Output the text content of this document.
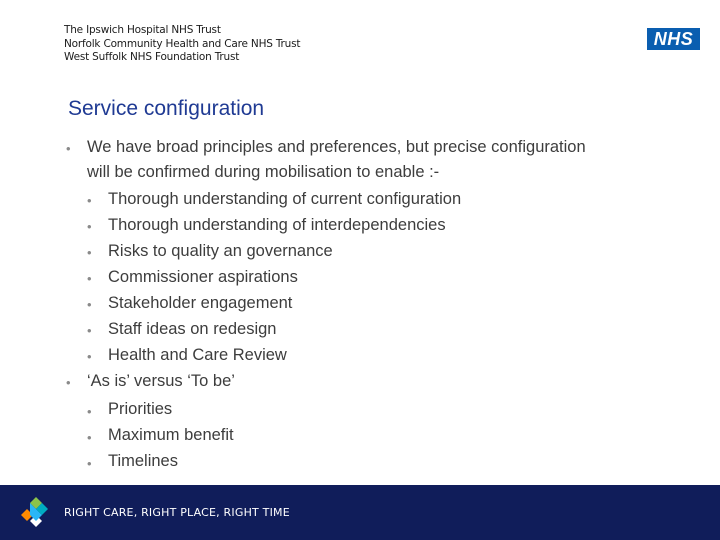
The Ipswich Hospital NHS Trust
Norfolk Community Health and Care NHS Trust
West Suffolk NHS Foundation Trust
NHS
Service configuration
• We have broad principles and preferences, but precise configuration
will be confirmed during mobilisation to enable :-
• Thorough understanding of current configuration
• Thorough understanding of interdependencies
• Risks to quality an governance
• Commissioner aspirations
• Stakeholder engagement
• Staff ideas on redesign
• Health and Care Review
• ‘As is’ versus ‘To be’
• Priorities
• Maximum benefit
• Timelines
RIGHT CARE, RIGHT PLACE, RIGHT TIME
